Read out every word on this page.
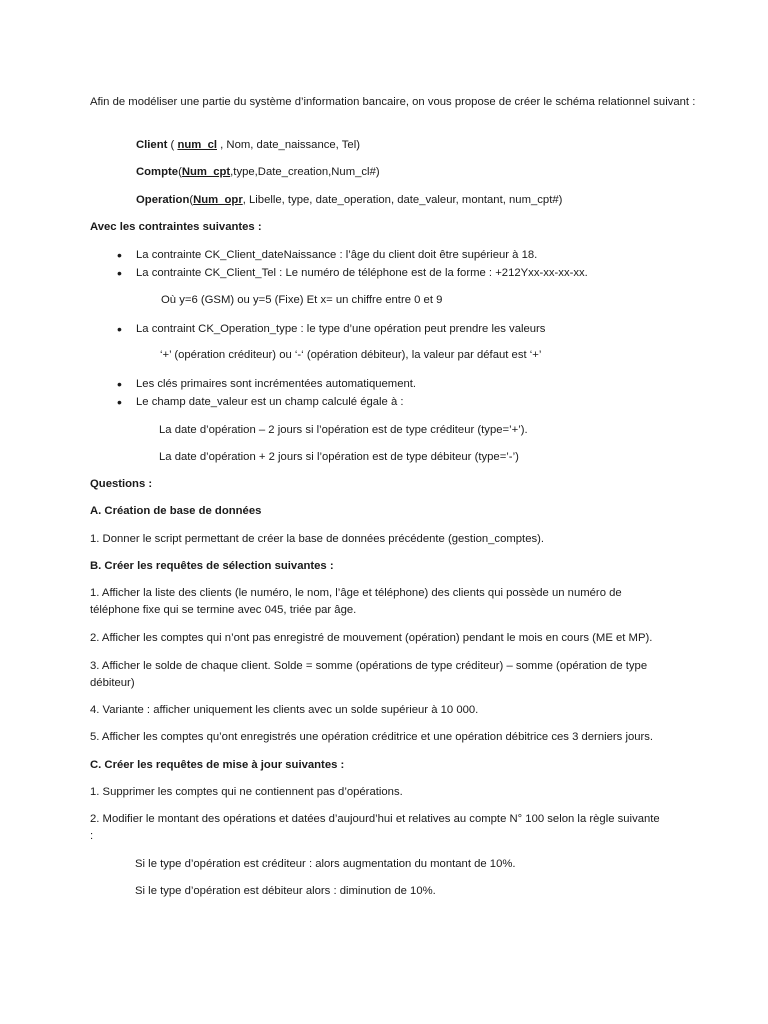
Afin de modéliser une partie du système d’information bancaire, on vous propose de créer le schéma relationnel suivant :

Client ( num_cl , Nom, date_naissance, Tel)

Compte(Num_cpt,type,Date_creation,Num_cl#)

Operation(Num_opr, Libelle, type, date_operation, date_valeur, montant, num_cpt#)

Avec les contraintes suivantes :

•

La contrainte CK_Client_dateNaissance : l’âge du client doit être supérieur à 18.

•

La contrainte CK_Client_Tel : Le numéro de téléphone est de la forme : +212Yxx-xx-xx-xx.

Où y=6 (GSM) ou y=5 (Fixe) Et x= un chiffre entre 0 et 9

•

La contraint CK_Operation_type : le type d’une opération peut prendre les valeurs

‘+’ (opération créditeur) ou ‘-‘ (opération débiteur), la valeur par défaut est ‘+’

•

Les clés primaires sont incrémentées automatiquement.

•

Le champ date_valeur est un champ calculé égale à :

La date d’opération – 2 jours si l’opération est de type créditeur (type=’+’).

La date d’opération + 2 jours si l’opération est de type débiteur (type=’-’)

Questions :

A. Création de base de données

1. Donner le script permettant de créer la base de données précédente (gestion_comptes).

B. Créer les requêtes de sélection suivantes :

1. Afficher la liste des clients (le numéro, le nom, l’âge et téléphone) des clients qui possède un numéro de téléphone fixe qui se termine avec 045, triée par âge.

2. Afficher les comptes qui n’ont pas enregistré de mouvement (opération) pendant le mois en cours (ME et MP).

3. Afficher le solde de chaque client. Solde = somme (opérations de type créditeur) – somme (opération de type débiteur)

4. Variante : afficher uniquement les clients avec un solde supérieur à 10 000.

5. Afficher les comptes qu’ont enregistrés une opération créditrice et une opération débitrice ces 3 derniers jours.

C. Créer les requêtes de mise à jour suivantes :

1. Supprimer les comptes qui ne contiennent pas d’opérations.

2. Modifier le montant des opérations et datées d’aujourd’hui et relatives au compte N° 100 selon la règle suivante :

Si le type d’opération est créditeur : alors augmentation du montant de 10%.

Si le type d’opération est débiteur alors : diminution de 10%.
